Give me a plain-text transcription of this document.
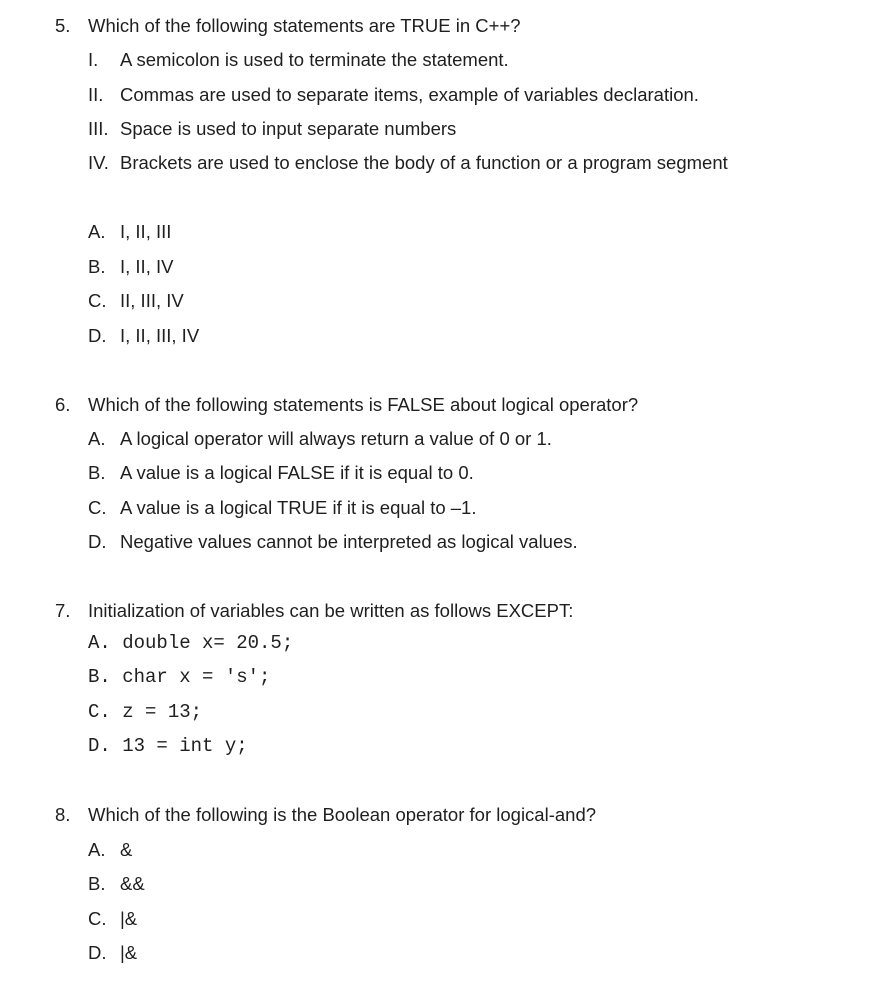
5. Which of the following statements are TRUE in C++?
I. A semicolon is used to terminate the statement.
II. Commas are used to separate items, example of variables declaration.
III. Space is used to input separate numbers
IV. Brackets are used to enclose the body of a function or a program segment
A. I, II, III
B. I, II, IV
C. II, III, IV
D. I, II, III, IV
6. Which of the following statements is FALSE about logical operator?
A. A logical operator will always return a value of 0 or 1.
B. A value is a logical FALSE if it is equal to 0.
C. A value is a logical TRUE if it is equal to –1.
D. Negative values cannot be interpreted as logical values.
7. Initialization of variables can be written as follows EXCEPT:
A. double x= 20.5;
B. char x = 's';
C. z = 13;
D. 13 = int y;
8. Which of the following is the Boolean operator for logical-and?
A. &
B. &&
C. |&
D. |&
